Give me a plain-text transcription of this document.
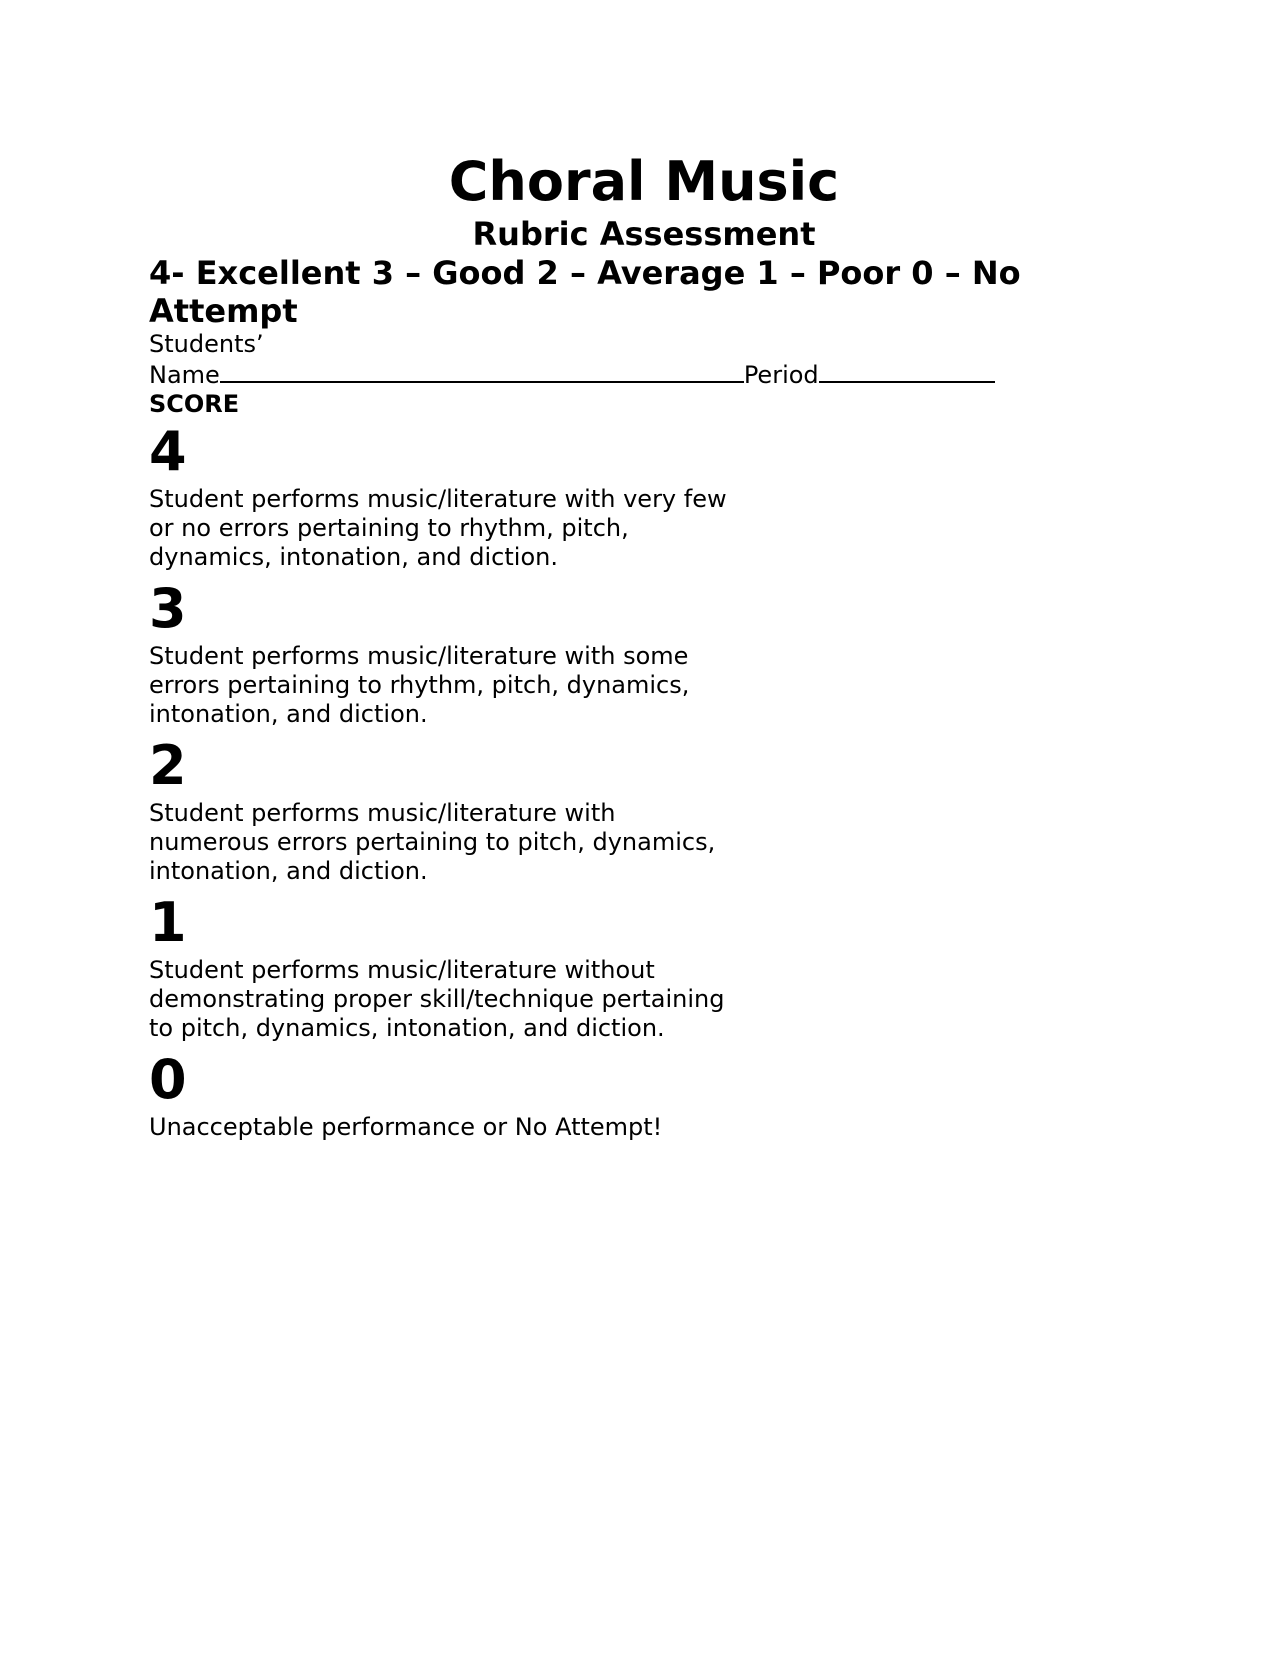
Choral Music
Rubric Assessment

4- Excellent 3 – Good 2 – Average 1 – Poor 0 – No Attempt

Students’

Name	Period

SCORE

4
Student performs music/literature with very few or no errors pertaining to rhythm, pitch, dynamics, intonation, and diction.
3
Student performs music/literature with some errors pertaining to rhythm, pitch, dynamics, intonation, and diction.
2
Student performs music/literature with numerous errors pertaining to pitch, dynamics, intonation, and diction.
1
Student performs music/literature without demonstrating proper skill/technique pertaining to pitch, dynamics, intonation, and diction.
0
Unacceptable performance or No Attempt!
